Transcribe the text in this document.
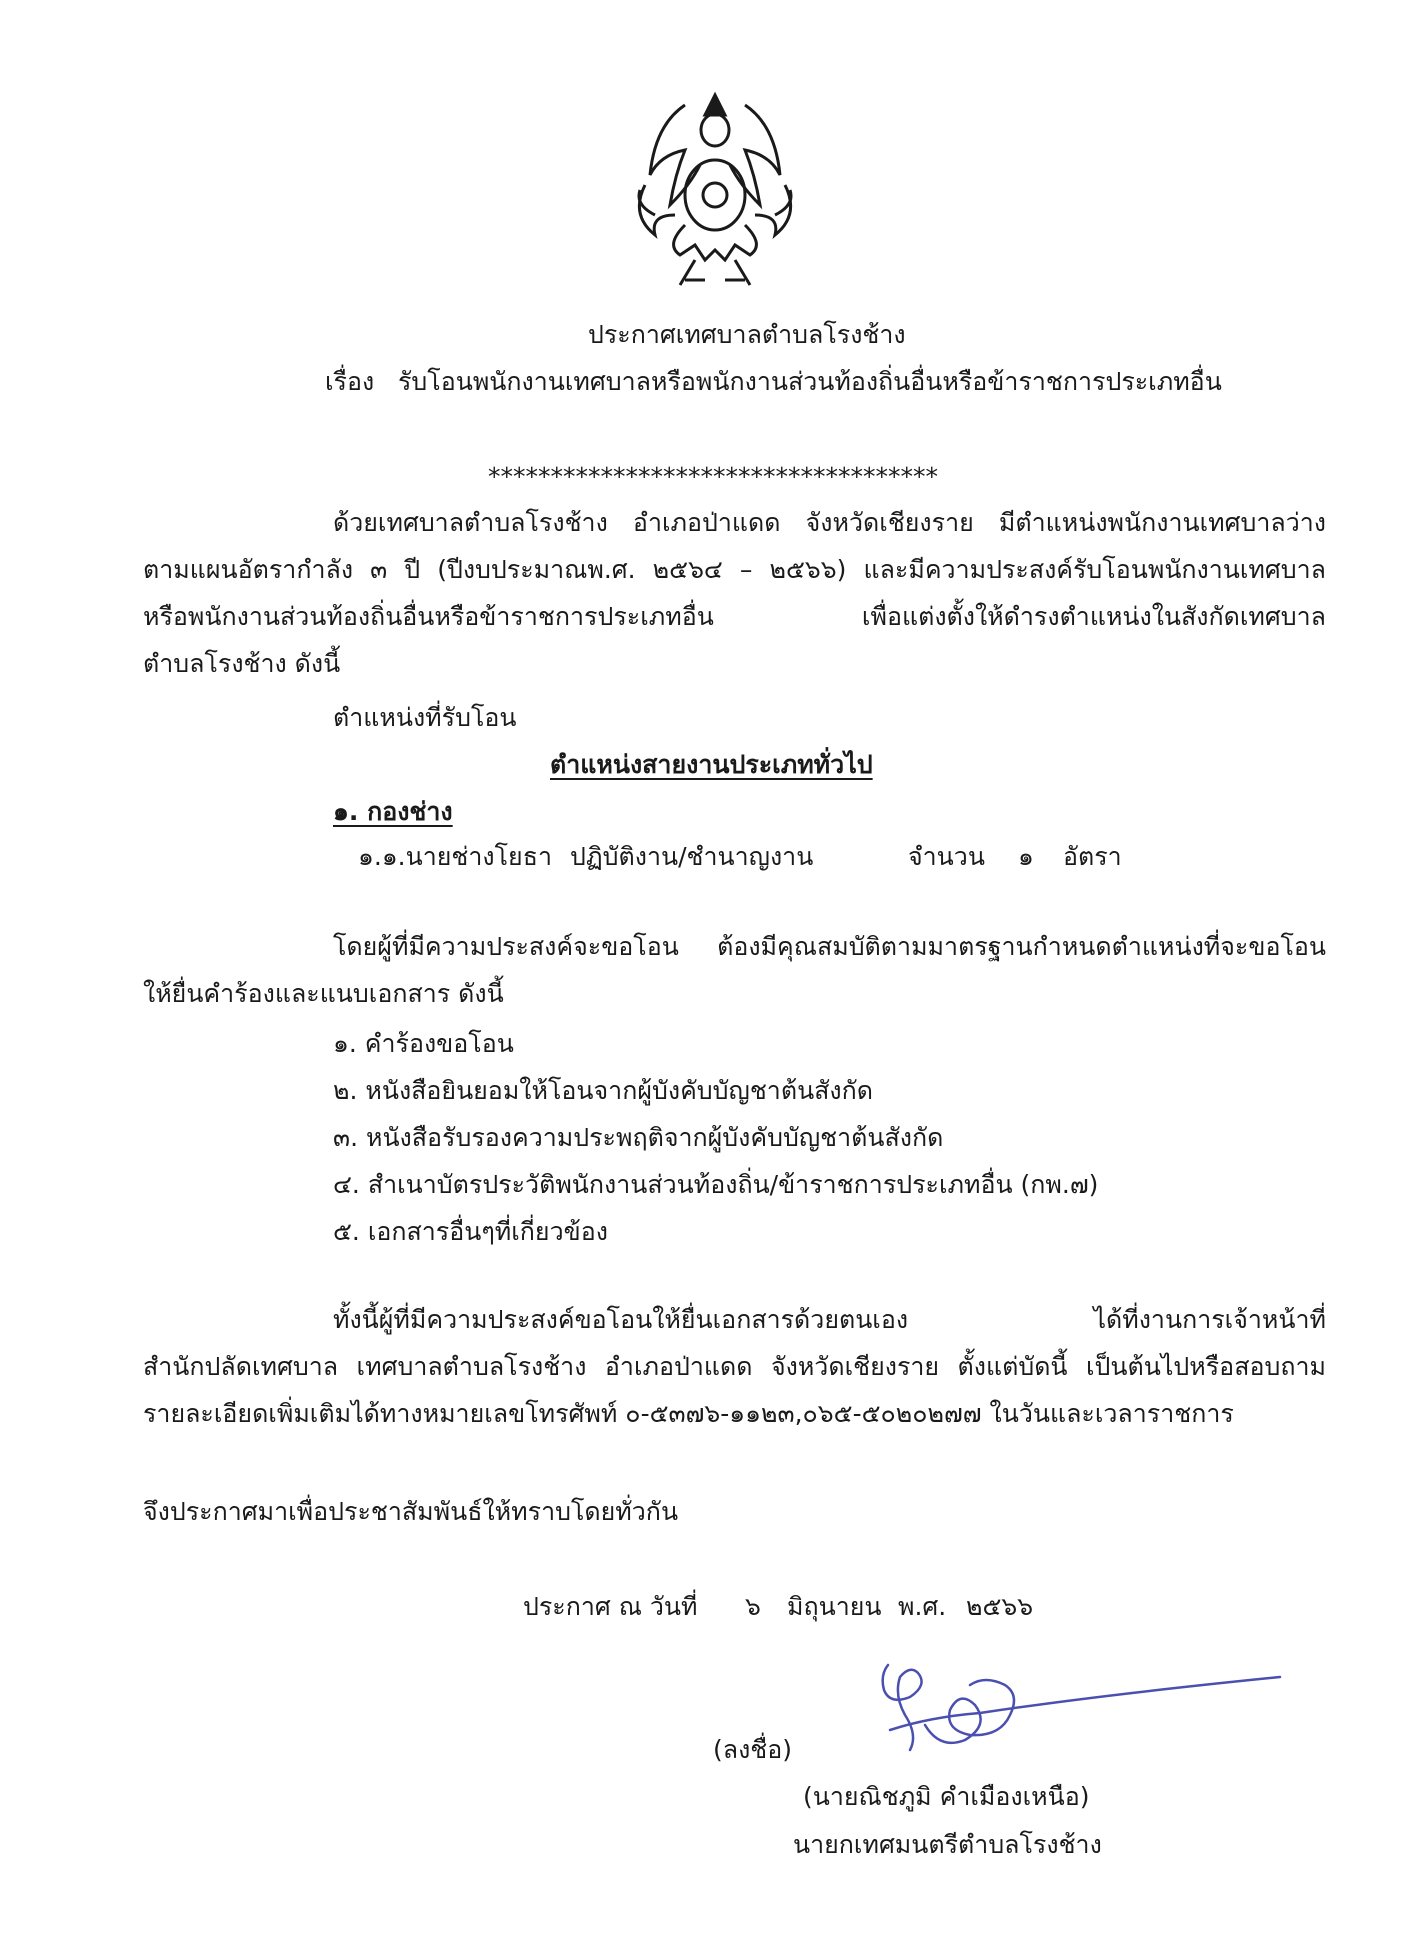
ประกาศเทศบาลตำบลโรงช้าง
เรื่อง รับโอนพนักงานเทศบาลหรือพนักงานส่วนท้องถิ่นอื่นหรือข้าราชการประเภทอื่น
************************************
ด้วยเทศบาลตำบลโรงช้าง อำเภอป่าแดด จังหวัดเชียงราย มีตำแหน่งพนักงานเทศบาลว่าง
ตามแผนอัตรากำลัง ๓ ปี (ปีงบประมาณพ.ศ. ๒๕๖๔ – ๒๕๖๖) และมีความประสงค์รับโอนพนักงานเทศบาล
หรือพนักงานส่วนท้องถิ่นอื่นหรือข้าราชการประเภทอื่น เพื่อแต่งตั้งให้ดำรงตำแหน่งในสังกัดเทศบาล
ตำบลโรงช้าง ดังนี้
ตำแหน่งที่รับโอน
ตำแหน่งสายงานประเภททั่วไป
๑. กองช่าง
๑.๑.นายช่างโยธา ปฏิบัติงาน/ชำนาญงาน	จำนวน ๑ อัตรา
โดยผู้ที่มีความประสงค์จะขอโอน ต้องมีคุณสมบัติตามมาตรฐานกำหนดตำแหน่งที่จะขอโอน
ให้ยื่นคำร้องและแนบเอกสาร ดังนี้
๑. คำร้องขอโอน
๒. หนังสือยินยอมให้โอนจากผู้บังคับบัญชาต้นสังกัด
๓. หนังสือรับรองความประพฤติจากผู้บังคับบัญชาต้นสังกัด
๔. สำเนาบัตรประวัติพนักงานส่วนท้องถิ่น/ข้าราชการประเภทอื่น (กพ.๗)
๕. เอกสารอื่นๆที่เกี่ยวข้อง
ทั้งนี้ผู้ที่มีความประสงค์ขอโอนให้ยื่นเอกสารด้วยตนเอง ได้ที่งานการเจ้าหน้าที่
สำนักปลัดเทศบาล เทศบาลตำบลโรงช้าง อำเภอป่าแดด จังหวัดเชียงราย ตั้งแต่บัดนี้ เป็นต้นไปหรือสอบถาม
รายละเอียดเพิ่มเติมได้ทางหมายเลขโทรศัพท์ ๐-๕๓๗๖-๑๑๒๓,๐๖๕-๕๐๒๐๒๗๗ ในวันและเวลาราชการ
จึงประกาศมาเพื่อประชาสัมพันธ์ให้ทราบโดยทั่วกัน
ประกาศ ณ วันที่ ๖ มิถุนายน พ.ศ. ๒๕๖๖
(ลงชื่อ)
(นายณิชภูมิ คำเมืองเหนือ)
นายกเทศมนตรีตำบลโรงช้าง
